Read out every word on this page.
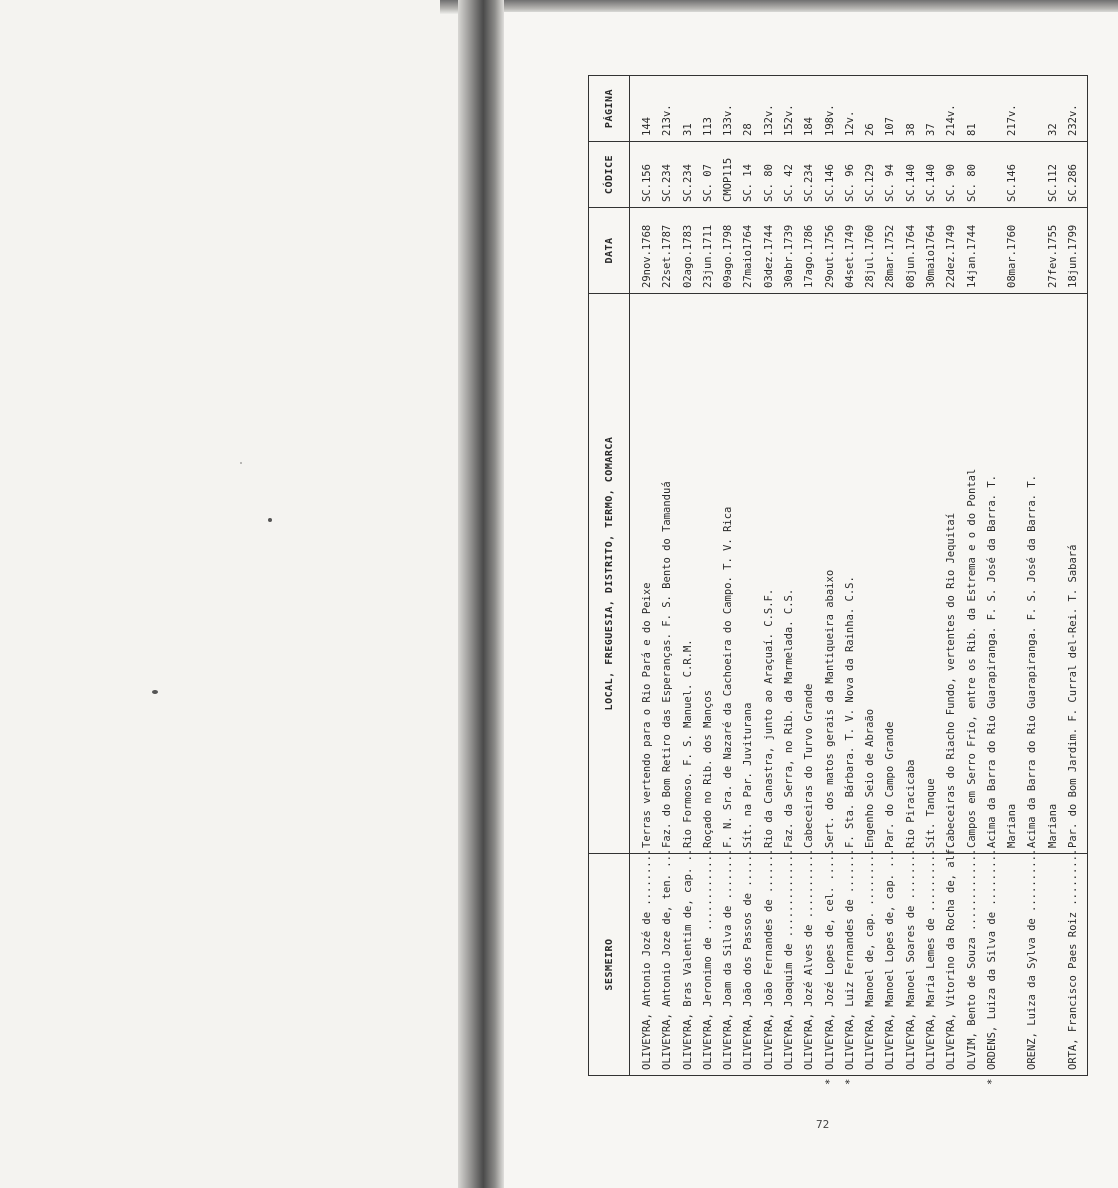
SESMEIRO	LOCAL, FREGUESIA, DISTRITO, TERMO, COMARCA	DATA	CÓDICE	PÁGINA

OLIVEYRA, Antonio Jozé de .........	Terras vertendo para o Rio Pará e do Peixe	29nov.1768	SC.156	144

OLIVEYRA, Antonio Joze de, ten. ...	Faz. do Bom Retiro das Esperanças. F. S. Bento do Tamanduá	22set.1787	SC.234	213v.

OLIVEYRA, Bras Valentim de, cap. ..	Rio Formoso. F. S. Manuel. C.R.M.	02ago.1783	SC.234	31

OLIVEYRA, Jeronimo de .............	Roçado no Rib. dos Manços	23jun.1711	SC. 07	113

OLIVEYRA, Joam da Silva de ........	F. N. Sra. de Nazaré da Cachoeira do Campo. T. V. Rica	09ago.1798	CMOP115	133v.

OLIVEYRA, João dos Passos de ......	Sít. na Par. Juviturana	27maio1764	SC. 14	28

OLIVEYRA, João Fernandes de .......	Rio da Canastra, junto ao Araçuaí. C.S.F.	03dez.1744	SC. 80	132v.

OLIVEYRA, Joaquim de ..............	Faz. da Serra, no Rib. da Marmelada. C.S.	30abr.1739	SC. 42	152v.

OLIVEYRA, Jozé Alves de ...........	Cabeceiras do Turvo Grande	17ago.1786	SC.234	184

*
OLIVEYRA, Jozé Lopes de, cel. .....	Sert. dos matos gerais da Mantiqueira abaixo	29out.1756	SC.146	198v.

*
OLIVEYRA, Luiz Fernandes de .......	F. Sta. Bárbara. T. V. Nova da Rainha. C.S.	04set.1749	SC. 96	12v.

OLIVEYRA, Manoel de, cap. .........	Engenho Seio de Abraão	28jul.1760	SC.129	26

OLIVEYRA, Manoel Lopes de, cap. ...	Par. do Campo Grande	28mar.1752	SC. 94	107

OLIVEYRA, Manoel Soares de ........	Rio Piracicaba	08jun.1764	SC.140	38

OLIVEYRA, Maria Lemes de ..........	Sít. Tanque	30maio1764	SC.140	37

OLIVEYRA, Vitorino da Rocha de, alf.	Cabeceiras do Riacho Fundo, vertentes do Rio Jequitaí	22dez.1749	SC. 90	214v.

OLVIM, Bento de Souza .............	Campos em Serro Frio, entre os Rib. da Estrema e o do Pontal	14jan.1744	SC. 80	81

*
ORDENS, Luiza da Silva de .........	Acima da Barra do Rio Guarapiranga. F. S. José da Barra. T.			

	Mariana	08mar.1760	SC.146	217v.

ORENZ, Luiza da Sylva de ..........	Acima da Barra do Rio Guarapiranga. F. S. José da Barra. T.			

	Mariana	27fev.1755	SC.112	32

ORTA, Francisco Paes Roiz .........	Par. do Bom Jardim. F. Curral del-Rei. T. Sabará	18jun.1799	SC.286	232v.

72
